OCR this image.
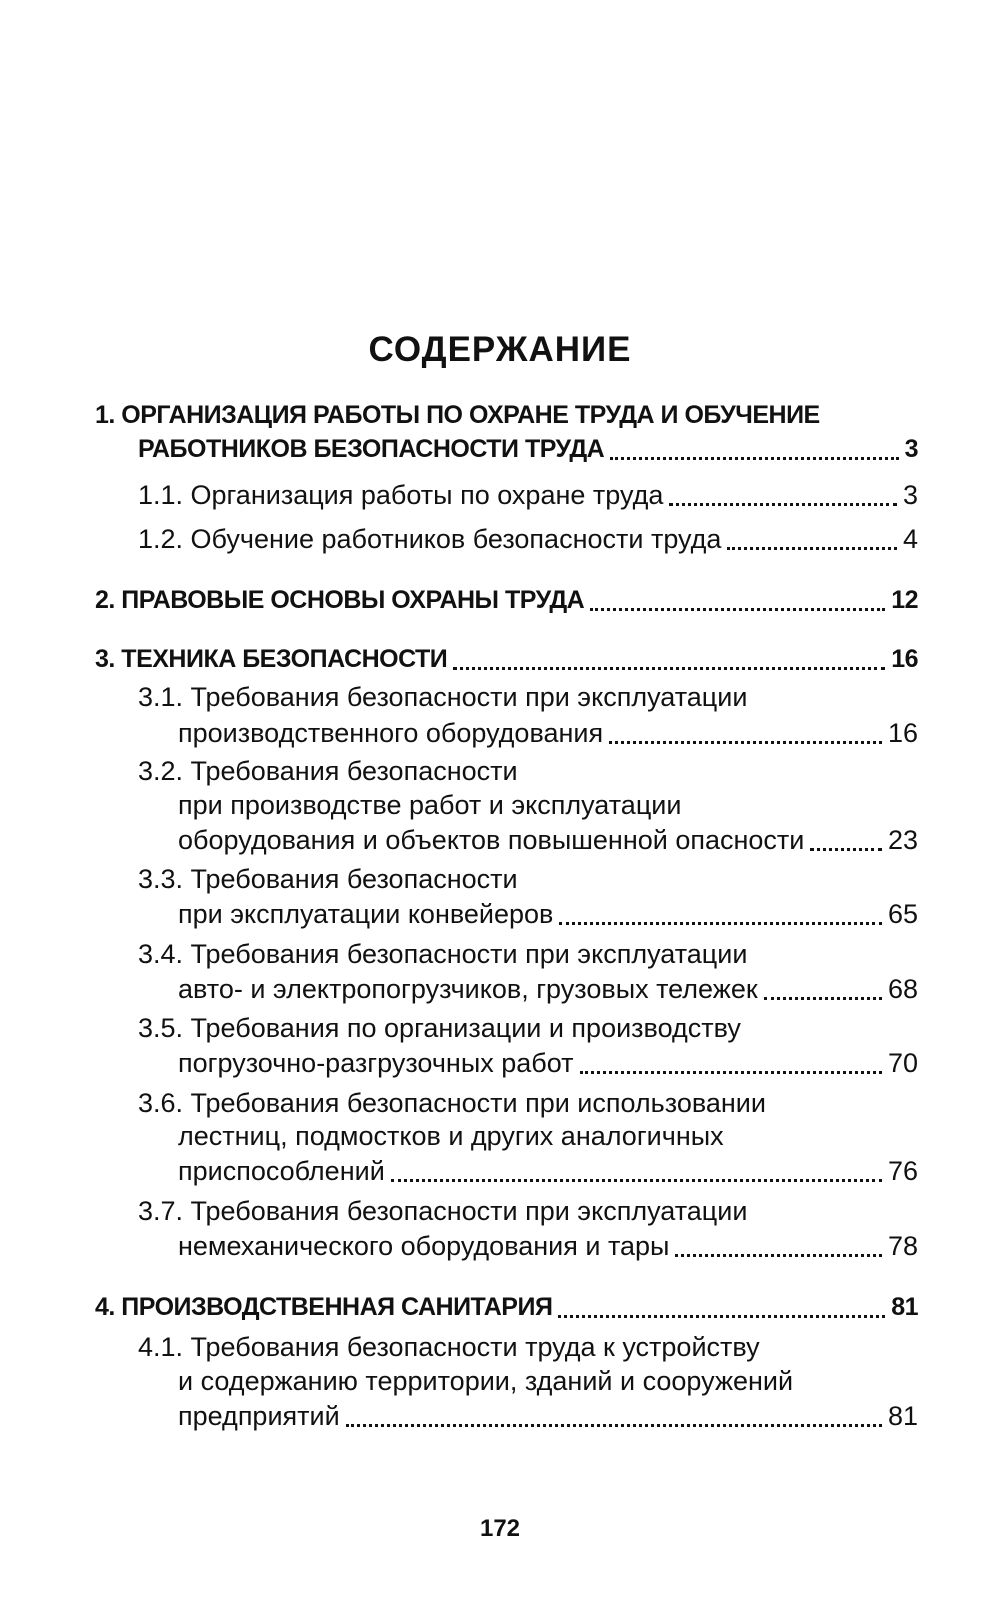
СОДЕРЖАНИЕ
1. ОРГАНИЗАЦИЯ РАБОТЫ ПО ОХРАНЕ ТРУДА И ОБУЧЕНИЕ
РАБОТНИКОВ БЕЗОПАСНОСТИ ТРУДА	3
1.1. Организация работы по охране труда	3
1.2. Обучение работников безопасности труда	4
2. ПРАВОВЫЕ ОСНОВЫ ОХРАНЫ ТРУДА	12
3. ТЕХНИКА БЕЗОПАСНОСТИ	16
3.1. Требования безопасности при эксплуатации
производственного оборудования	16
3.2. Требования безопасности
при производстве работ и эксплуатации
оборудования и объектов повышенной опасности	23
3.3. Требования безопасности
при эксплуатации конвейеров	65
3.4. Требования безопасности при эксплуатации
авто- и электропогрузчиков, грузовых тележек	68
3.5. Требования по организации и производству
погрузочно-разгрузочных работ	70
3.6. Требования безопасности при использовании
лестниц, подмостков и других аналогичных
приспособлений	76
3.7. Требования безопасности при эксплуатации
немеханического оборудования и тары	78
4. ПРОИЗВОДСТВЕННАЯ САНИТАРИЯ	81
4.1. Требования безопасности труда к устройству
и содержанию территории, зданий и сооружений
предприятий	81
172
